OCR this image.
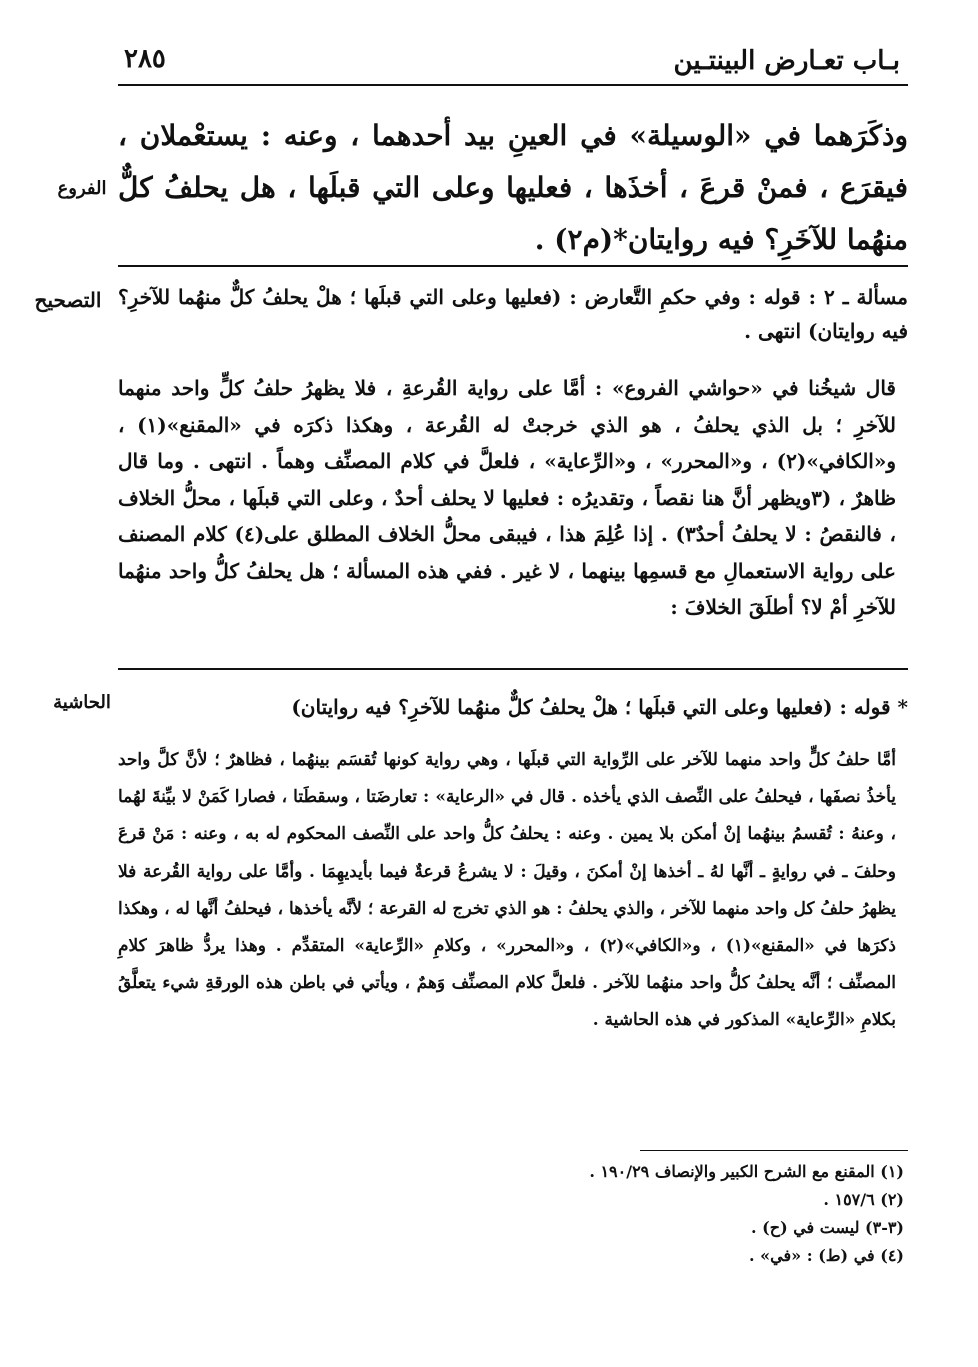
بـاب تعـارض البينتـين
٢٨٥
وذكَرَهما في «الوسيلة» في العينِ بيد أحدهما ، وعنه : يستعْملان ، فيقرَع ، فمنْ قرعَ ، أخذَها ، فعليها وعلى التي قبلَها ، هل يحلفُ كلٌّ منهُما للآخَرِ؟ فيه روايتان*(م٢) .
الفروع
التصحيح	مسألة ـ ٢ : قوله : وفي حكمِ التَّعارض : (فعليها وعلى التي قبلَها ؛ هلْ يحلفُ كلٌّ منهُما للآخرِ؟ فيه روايتان) انتهى .
قال شيخُنا في «حواشي الفروع» : أمَّا على رواية القُرعةِ ، فلا يظهرُ حلفُ كلٍّ واحد منهما للآخرِ ؛ بل الذي يحلفُ ، هو الذي خرجتْ له القُرعة ، وهكذا ذكرَه في «المقنع»(١) ، و«الكافي»(٢) ، و«المحرر» ، و«الرِّعاية» ، فلعلَّ في كلام المصنِّف وهماً . انتهى . وما قال ظاهرٌ ، (٣ويظهر أنَّ هنا نقصاً ، وتقديرُه : فعليها لا يحلف أحدٌ ، وعلى التي قبلَها ، محلُّ الخلاف ، فالنقصُ : لا يحلفُ أحدٌ٣) . إذا عُلِمَ هذا ، فيبقى محلُّ الخلاف المطلق على(٤) كلام المصنف على رواية الاستعمالِ مع قسمِها بينهما ، لا غير . ففي هذه المسألة ؛ هل يحلفُ كلُّ واحد منهُما للآخرِ أمْ لا؟ أطلَقَ الخلافَ :
الحاشية	* قوله : (فعليها وعلى التي قبلَها ؛ هلْ يحلفُ كلٌّ منهُما للآخرِ؟ فيه روايتان)
أمَّا حلفُ كلٍّ واحد منهما للآخر على الرِّواية التي قبلَها ، وهي رواية كونها تُقسَم بينهُما ، فظاهرٌ ؛ لأنَّ كلَّ واحد يأخذُ نصفَها ، فيحلفُ على النِّصف الذي يأخذه . قال في «الرعاية» : تعارضَتا ، وسقطَتا ، فصارا كَمَنْ لا بيِّنةَ لهُما ، وعنهُ : تُقسمُ بينهُما إنْ أمكن بلا يمين . وعنه : يحلفُ كلُّ واحد على النِّصف المحكوم له به ، وعنه : مَنْ قرعَ وحلفَ ـ في روايةٍ ـ أنَّها لهُ ـ أخذها إنْ أمكنَ ، وقيلَ : لا يشرعُ قرعةٌ فيما بأيديهِمَا . وأمَّا على رواية القُرعة فلا يظهرُ حلفُ كل واحد منهما للآخر ، والذي يحلفُ : هو الذي تخرج له القرعة ؛ لأنَّه يأخذها ، فيحلفُ أنَّها له ، وهكذا ذكرَها في «المقنع»(١) ، و«الكافي»(٢) ، و«المحرر» ، وكلامِ «الرِّعاية» المتقدِّم . وهذا يردُّ ظاهرَ كلامِ المصنِّف ؛ أنَّه يحلفُ كلُّ واحد منهُما للآخر . فلعلَّ كلام المصنِّف وَهمٌ ، ويأتي في باطن هذه الورقةِ شيء يتعلَّقُ بكلامِ «الرِّعاية» المذكور في هذه الحاشية .
(١) المقنع مع الشرح الكبير والإنصاف ١٩٠/٢٩ .
(٢) ١٥٧/٦ .
(٣-٣) ليست في (ح) .
(٤) في (ط) : «في» .
